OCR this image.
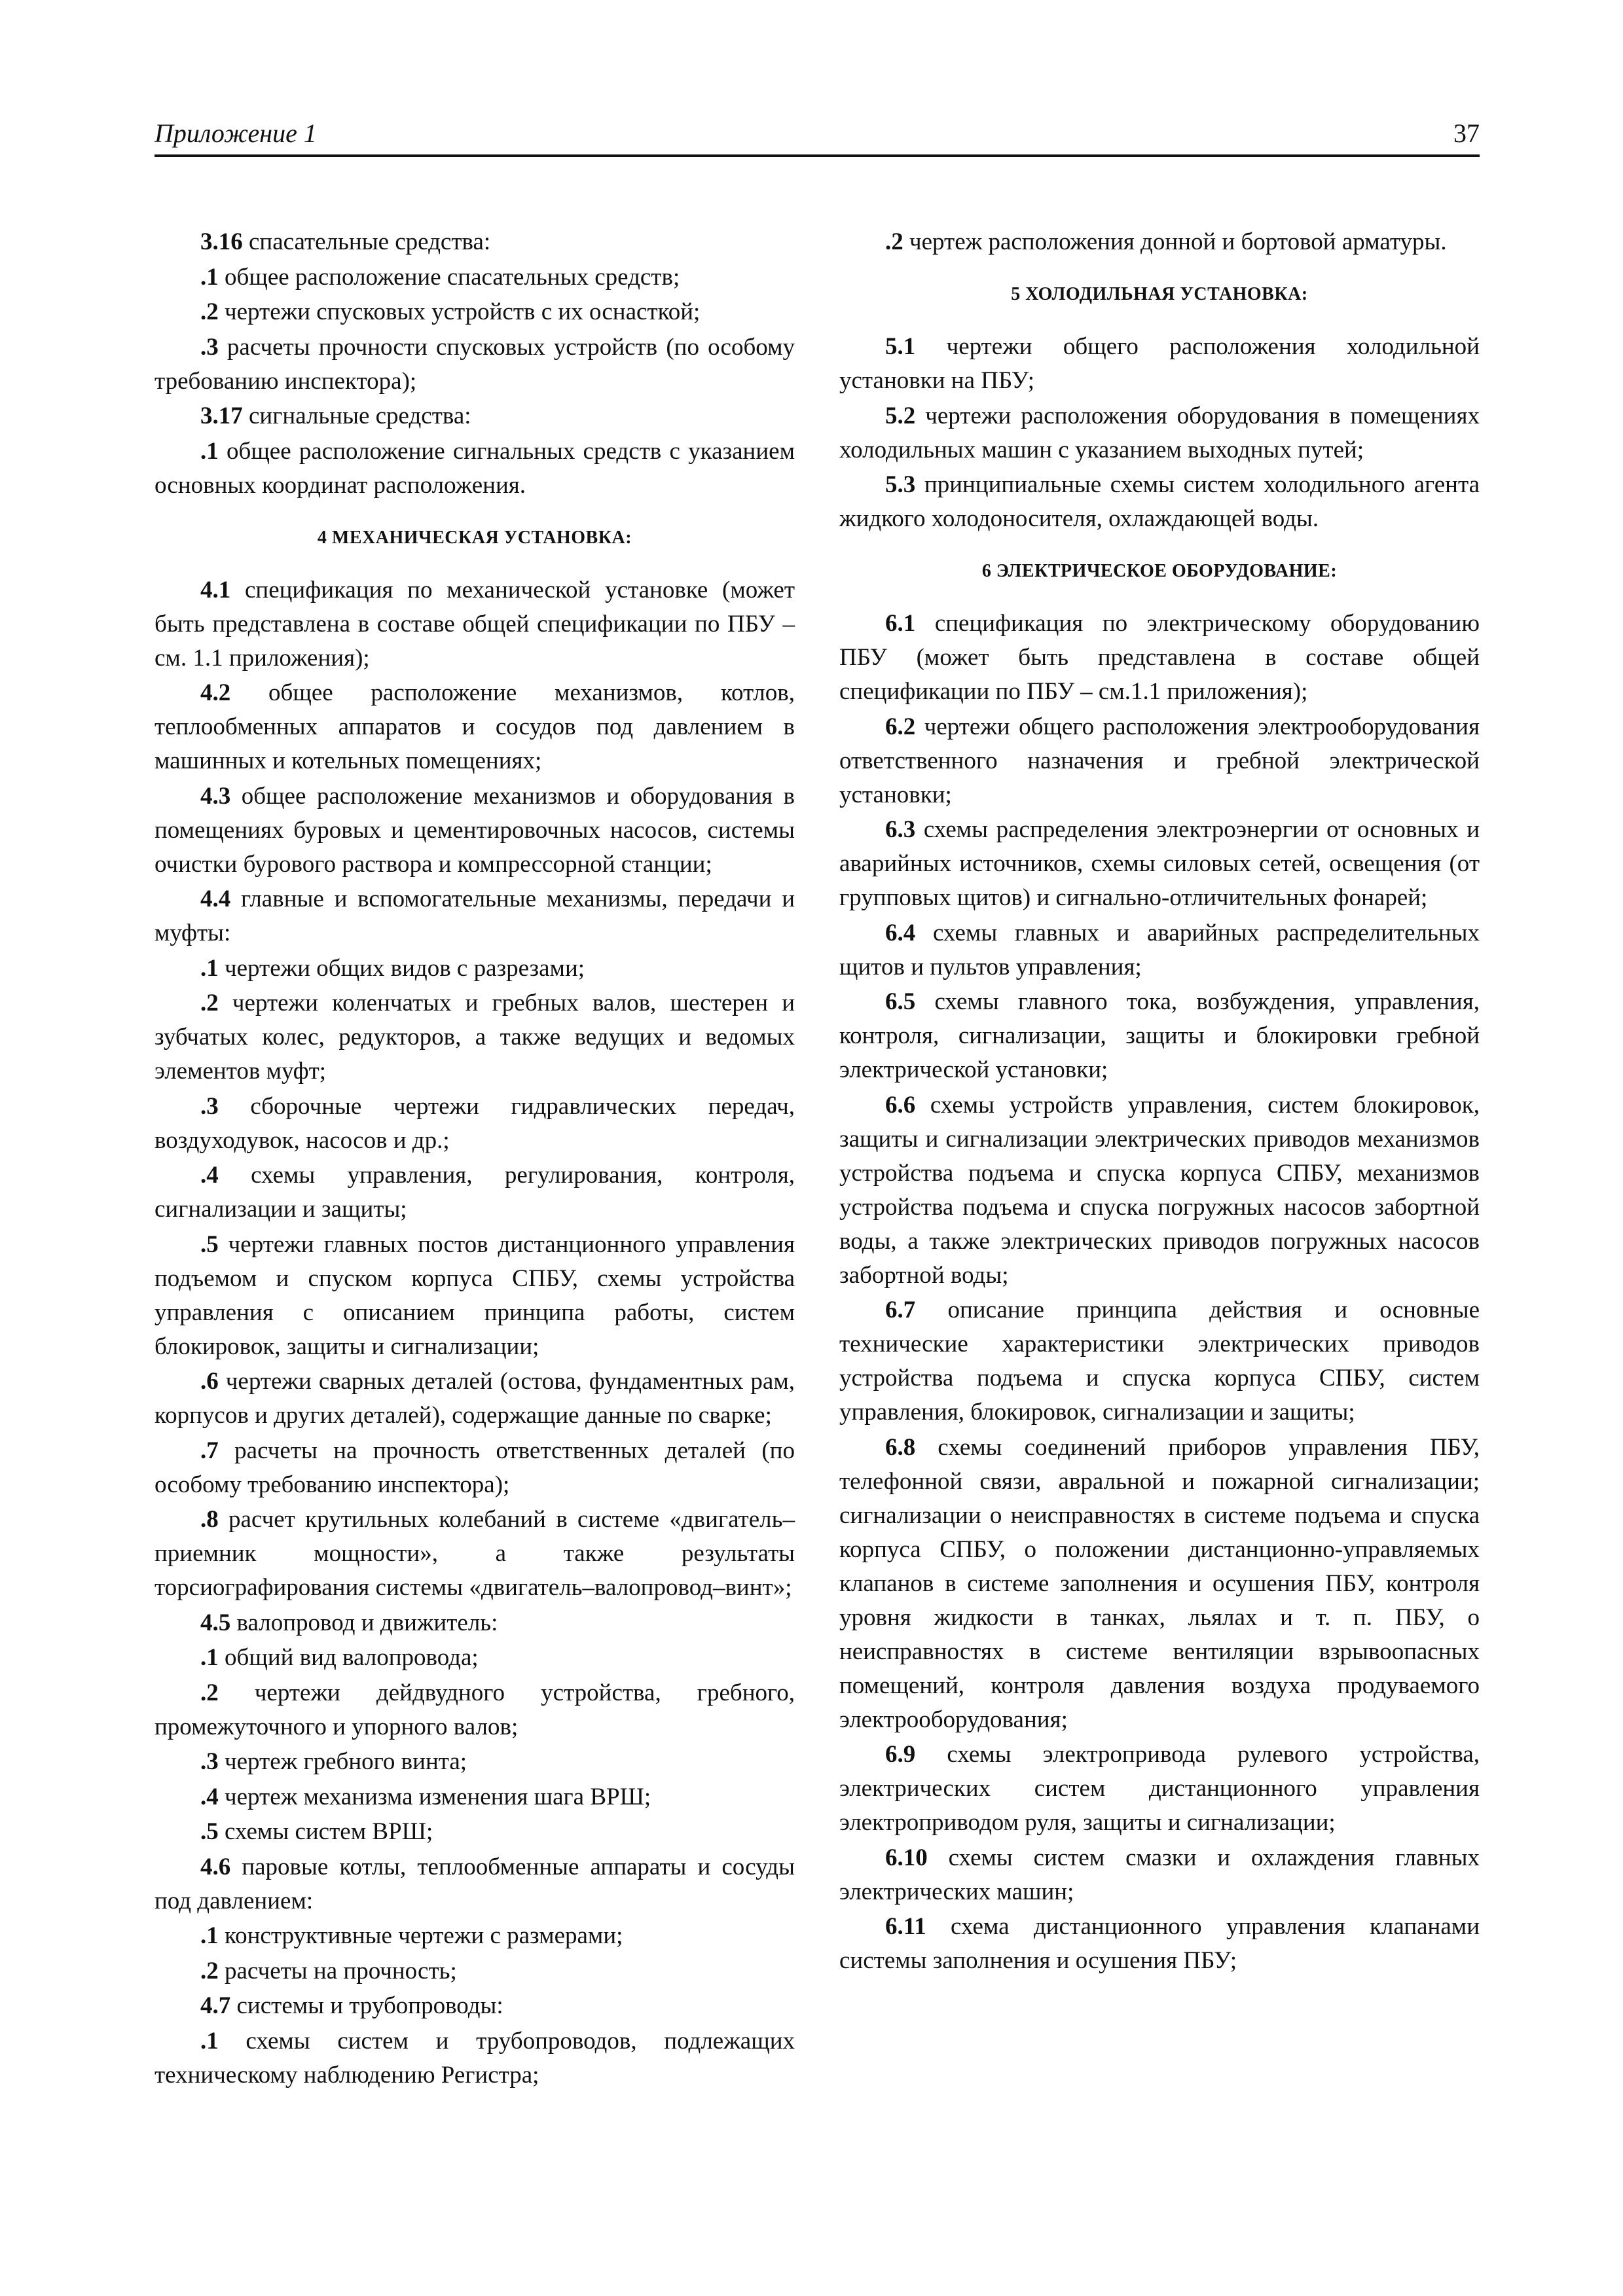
Приложение 1	37

3.16 спасательные средства:

.1 общее расположение спасательных средств;

.2 чертежи спусковых устройств с их оснасткой;

.3 расчеты прочности спусковых устройств (по особому требованию инспектора);

3.17 сигнальные средства:

.1 общее расположение сигнальных средств с указанием основных координат расположения.

4 МЕХАНИЧЕСКАЯ УСТАНОВКА:

4.1 спецификация по механической установке (может быть представлена в составе общей спецификации по ПБУ – см. 1.1 приложения);

4.2 общее расположение механизмов, котлов, теплообменных аппаратов и сосудов под давлением в машинных и котельных помещениях;

4.3 общее расположение механизмов и оборудования в помещениях буровых и цементировочных насосов, системы очистки бурового раствора и компрессорной станции;

4.4 главные и вспомогательные механизмы, передачи и муфты:

.1 чертежи общих видов с разрезами;

.2 чертежи коленчатых и гребных валов, шестерен и зубчатых колес, редукторов, а также ведущих и ведомых элементов муфт;

.3 сборочные чертежи гидравлических передач, воздуходувок, насосов и др.;

.4 схемы управления, регулирования, контроля, сигнализации и защиты;

.5 чертежи главных постов дистанционного управления подъемом и спуском корпуса СПБУ, схемы устройства управления с описанием принципа работы, систем блокировок, защиты и сигнализации;

.6 чертежи сварных деталей (остова, фундаментных рам, корпусов и других деталей), содержащие данные по сварке;

.7 расчеты на прочность ответственных деталей (по особому требованию инспектора);

.8 расчет крутильных колебаний в системе «двигатель–приемник мощности», а также результаты торсиографирования системы «двигатель–валопровод–винт»;

4.5 валопровод и движитель:

.1 общий вид валопровода;

.2 чертежи дейдвудного устройства, гребного, промежуточного и упорного валов;

.3 чертеж гребного винта;

.4 чертеж механизма изменения шага ВРШ;

.5 схемы систем ВРШ;

4.6 паровые котлы, теплообменные аппараты и сосуды под давлением:

.1 конструктивные чертежи с размерами;

.2 расчеты на прочность;

4.7 системы и трубопроводы:

.1 схемы систем и трубопроводов, подлежащих техническому наблюдению Регистра;

.2 чертеж расположения донной и бортовой арматуры.

5 ХОЛОДИЛЬНАЯ УСТАНОВКА:

5.1 чертежи общего расположения холодильной установки на ПБУ;

5.2 чертежи расположения оборудования в помещениях холодильных машин с указанием выходных путей;

5.3 принципиальные схемы систем холодильного агента жидкого холодоносителя, охлаждающей воды.

6 ЭЛЕКТРИЧЕСКОЕ ОБОРУДОВАНИЕ:

6.1 спецификация по электрическому оборудованию ПБУ (может быть представлена в составе общей спецификации по ПБУ – см.1.1 приложения);

6.2 чертежи общего расположения электрооборудования ответственного назначения и гребной электрической установки;

6.3 схемы распределения электроэнергии от основных и аварийных источников, схемы силовых сетей, освещения (от групповых щитов) и сигнально-отличительных фонарей;

6.4 схемы главных и аварийных распределительных щитов и пультов управления;

6.5 схемы главного тока, возбуждения, управления, контроля, сигнализации, защиты и блокировки гребной электрической установки;

6.6 схемы устройств управления, систем блокировок, защиты и сигнализации электрических приводов механизмов устройства подъема и спуска корпуса СПБУ, механизмов устройства подъема и спуска погружных насосов забортной воды, а также электрических приводов погружных насосов забортной воды;

6.7 описание принципа действия и основные технические характеристики электрических приводов устройства подъема и спуска корпуса СПБУ, систем управления, блокировок, сигнализации и защиты;

6.8 схемы соединений приборов управления ПБУ, телефонной связи, авральной и пожарной сигнализации; сигнализации о неисправностях в системе подъема и спуска корпуса СПБУ, о положении дистанционно-управляемых клапанов в системе заполнения и осушения ПБУ, контроля уровня жидкости в танках, льялах и т. п. ПБУ, о неисправностях в системе вентиляции взрывоопасных помещений, контроля давления воздуха продуваемого электрооборудования;

6.9 схемы электропривода рулевого устройства, электрических систем дистанционного управления электроприводом руля, защиты и сигнализации;

6.10 схемы систем смазки и охлаждения главных электрических машин;

6.11 схема дистанционного управления клапанами системы заполнения и осушения ПБУ;
